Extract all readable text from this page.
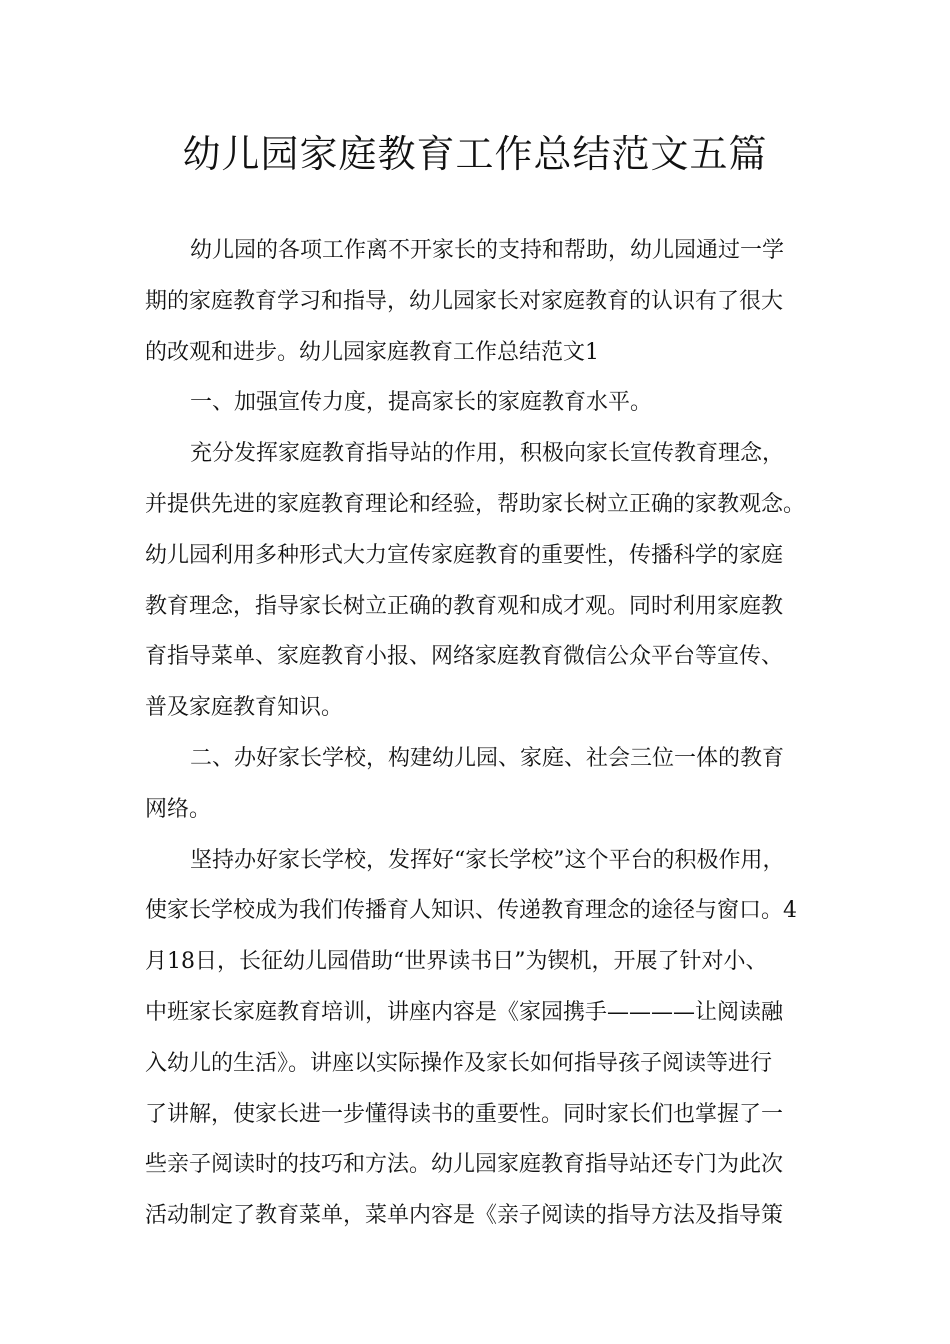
幼儿园家庭教育工作总结范文五篇
幼儿园的各项工作离不开家长的支持和帮助，幼儿园通过一学
期的家庭教育学习和指导，幼儿园家长对家庭教育的认识有了很大
的改观和进步。幼儿园家庭教育工作总结范文1
一、加强宣传力度，提高家长的家庭教育水平。
充分发挥家庭教育指导站的作用，积极向家长宣传教育理念，
并提供先进的家庭教育理论和经验，帮助家长树立正确的家教观念。
幼儿园利用多种形式大力宣传家庭教育的重要性，传播科学的家庭
教育理念，指导家长树立正确的教育观和成才观。同时利用家庭教
育指导菜单、家庭教育小报、网络家庭教育微信公众平台等宣传、
普及家庭教育知识。
二、办好家长学校，构建幼儿园、家庭、社会三位一体的教育
网络。
坚持办好家长学校，发挥好“家长学校”这个平台的积极作用，
使家长学校成为我们传播育人知识、传递教育理念的途径与窗口。4
月18日，长征幼儿园借助“世界读书日”为锲机，开展了针对小、
中班家长家庭教育培训，讲座内容是《家园携手————让阅读融
入幼儿的生活》。讲座以实际操作及家长如何指导孩子阅读等进行
了讲解，使家长进一步懂得读书的重要性。同时家长们也掌握了一
些亲子阅读时的技巧和方法。幼儿园家庭教育指导站还专门为此次
活动制定了教育菜单，菜单内容是《亲子阅读的指导方法及指导策
